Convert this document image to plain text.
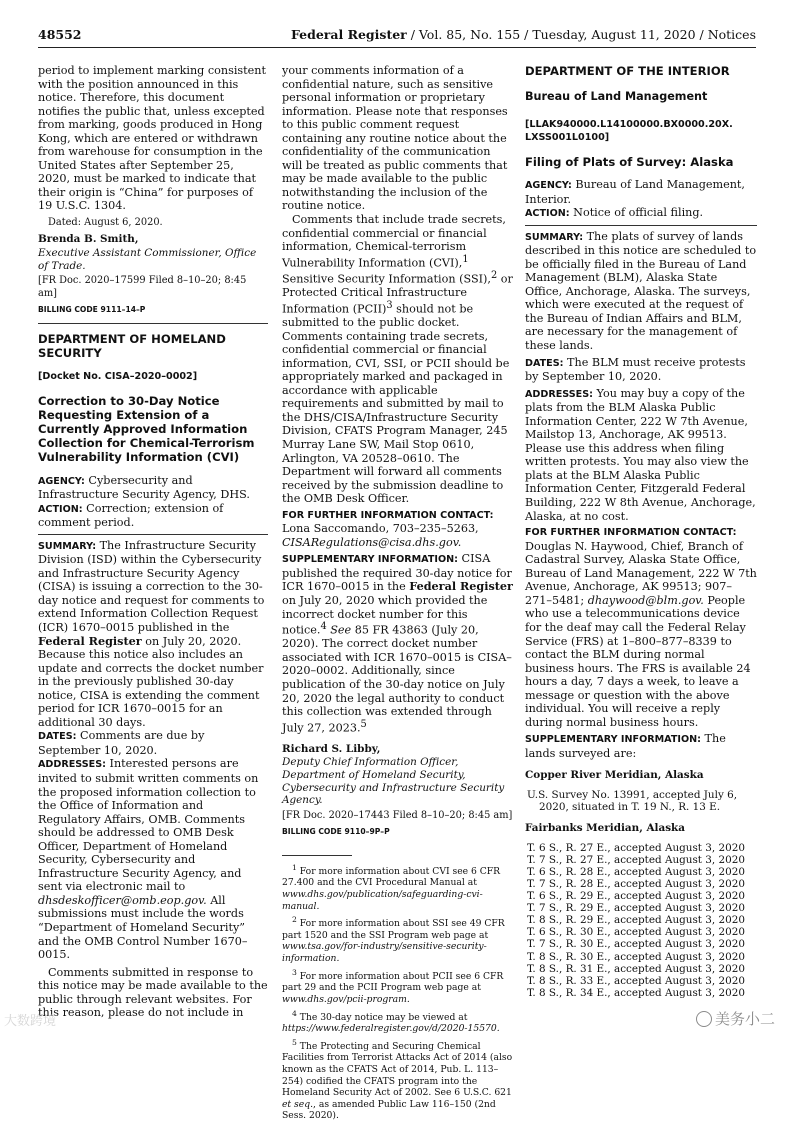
48552	Federal Register / Vol. 85, No. 155 / Tuesday, August 11, 2020 / Notices

period to implement marking consistent with the position announced in this notice. Therefore, this document notifies the public that, unless excepted from marking, goods produced in Hong Kong, which are entered or withdrawn from warehouse for consumption in the United States after September 25, 2020, must be marked to indicate that their origin is “China” for purposes of 19 U.S.C. 1304.

Dated: August 6, 2020.

Brenda B. Smith,

Executive Assistant Commissioner, Office of Trade.

[FR Doc. 2020–17599 Filed 8–10–20; 8:45 am]

BILLING CODE 9111–14–P

DEPARTMENT OF HOMELAND SECURITY

[Docket No. CISA–2020–0002]

Correction to 30-Day Notice Requesting Extension of a Currently Approved Information Collection for Chemical-Terrorism Vulnerability Information (CVI)

AGENCY: Cybersecurity and Infrastructure Security Agency, DHS.

ACTION: Correction; extension of comment period.

SUMMARY: The Infrastructure Security Division (ISD) within the Cybersecurity and Infrastructure Security Agency (CISA) is issuing a correction to the 30-day notice and request for comments to extend Information Collection Request (ICR) 1670–0015 published in the Federal Register on July 20, 2020. Because this notice also includes an update and corrects the docket number in the previously published 30-day notice, CISA is extending the comment period for ICR 1670–0015 for an additional 30 days.

DATES: Comments are due by September 10, 2020.

ADDRESSES: Interested persons are invited to submit written comments on the proposed information collection to the Office of Information and Regulatory Affairs, OMB. Comments should be addressed to OMB Desk Officer, Department of Homeland Security, Cybersecurity and Infrastructure Security Agency, and sent via electronic mail to dhsdeskofficer@omb.eop.gov. All submissions must include the words “Department of Homeland Security” and the OMB Control Number 1670–0015.

Comments submitted in response to this notice may be made available to the public through relevant websites. For this reason, please do not include in

your comments information of a confidential nature, such as sensitive personal information or proprietary information. Please note that responses to this public comment request containing any routine notice about the confidentiality of the communication will be treated as public comments that may be made available to the public notwithstanding the inclusion of the routine notice.

Comments that include trade secrets, confidential commercial or financial information, Chemical-terrorism Vulnerability Information (CVI),$^1$ Sensitive Security Information (SSI),$^2$ or Protected Critical Infrastructure Information (PCII)$^3$ should not be submitted to the public docket. Comments containing trade secrets, confidential commercial or financial information, CVI, SSI, or PCII should be appropriately marked and packaged in accordance with applicable requirements and submitted by mail to the DHS/CISA/Infrastructure Security Division, CFATS Program Manager, 245 Murray Lane SW, Mail Stop 0610, Arlington, VA 20528–0610. The Department will forward all comments received by the submission deadline to the OMB Desk Officer.

FOR FURTHER INFORMATION CONTACT:

Lona Saccomando, 703–235–5263, CISARegulations@cisa.dhs.gov.

SUPPLEMENTARY INFORMATION: CISA published the required 30-day notice for ICR 1670–0015 in the Federal Register on July 20, 2020 which provided the incorrect docket number for this notice.$^4$ See 85 FR 43863 (July 20, 2020). The correct docket number associated with ICR 1670–0015 is CISA–2020–0002. Additionally, since publication of the 30-day notice on July 20, 2020 the legal authority to conduct this collection was extended through July 27, 2023.$^5$

Richard S. Libby,

Deputy Chief Information Officer, Department of Homeland Security, Cybersecurity and Infrastructure Security Agency.

[FR Doc. 2020–17443 Filed 8–10–20; 8:45 am]

BILLING CODE 9110–9P–P

$^1$ For more information about CVI see 6 CFR 27.400 and the CVI Procedural Manual at www.dhs.gov/publication/safeguarding-cvi-manual.

$^2$ For more information about SSI see 49 CFR part 1520 and the SSI Program web page at www.tsa.gov/for-industry/sensitive-security-information.

$^3$ For more information about PCII see 6 CFR part 29 and the PCII Program web page at www.dhs.gov/pcii-program.

$^4$ The 30-day notice may be viewed at https://www.federalregister.gov/d/2020-15570.

$^5$ The Protecting and Securing Chemical Facilities from Terrorist Attacks Act of 2014 (also known as the CFATS Act of 2014, Pub. L. 113–254) codified the CFATS program into the Homeland Security Act of 2002. See 6 U.S.C. 621 et seq., as amended Public Law 116–150 (2nd Sess. 2020).

DEPARTMENT OF THE INTERIOR

Bureau of Land Management

[LLAK940000.L14100000.BX0000.20X. LXSS001L0100]

Filing of Plats of Survey: Alaska

AGENCY: Bureau of Land Management, Interior.

ACTION: Notice of official filing.

SUMMARY: The plats of survey of lands described in this notice are scheduled to be officially filed in the Bureau of Land Management (BLM), Alaska State Office, Anchorage, Alaska. The surveys, which were executed at the request of the Bureau of Indian Affairs and BLM, are necessary for the management of these lands.

DATES: The BLM must receive protests by September 10, 2020.

ADDRESSES: You may buy a copy of the plats from the BLM Alaska Public Information Center, 222 W 7th Avenue, Mailstop 13, Anchorage, AK 99513. Please use this address when filing written protests. You may also view the plats at the BLM Alaska Public Information Center, Fitzgerald Federal Building, 222 W 8th Avenue, Anchorage, Alaska, at no cost.

FOR FURTHER INFORMATION CONTACT:

Douglas N. Haywood, Chief, Branch of Cadastral Survey, Alaska State Office, Bureau of Land Management, 222 W 7th Avenue, Anchorage, AK 99513; 907–271–5481; dhaywood@blm.gov. People who use a telecommunications device for the deaf may call the Federal Relay Service (FRS) at 1–800–877–8339 to contact the BLM during normal business hours. The FRS is available 24 hours a day, 7 days a week, to leave a message or question with the above individual. You will receive a reply during normal business hours.

SUPPLEMENTARY INFORMATION: The lands surveyed are:

Copper River Meridian, Alaska

U.S. Survey No. 13991, accepted July 6, 2020, situated in T. 19 N., R. 13 E.

Fairbanks Meridian, Alaska

T. 6 S., R. 27 E., accepted August 3, 2020

T. 7 S., R. 27 E., accepted August 3, 2020

T. 6 S., R. 28 E., accepted August 3, 2020

T. 7 S., R. 28 E., accepted August 3, 2020

T. 6 S., R. 29 E., accepted August 3, 2020

T. 7 S., R. 29 E., accepted August 3, 2020

T. 8 S., R. 29 E., accepted August 3, 2020

T. 6 S., R. 30 E., accepted August 3, 2020

T. 7 S., R. 30 E., accepted August 3, 2020

T. 8 S., R. 30 E., accepted August 3, 2020

T. 8 S., R. 31 E., accepted August 3, 2020

T. 8 S., R. 33 E., accepted August 3, 2020

T. 8 S., R. 34 E., accepted August 3, 2020

大数跨境	美务小二
